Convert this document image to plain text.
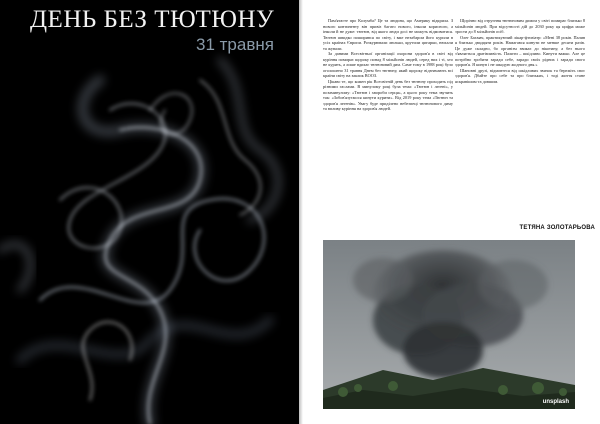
ДЕНЬ БЕЗ ТЮТЮНУ
31 травня

Пам'ятаєте про Колумба? Це та людина, що Америку відкрила. З нового континенту він привіз багато нового, інколи корисного, а інколи й не дуже: тютюн, від якого люди досі не можуть відмовитися. Тютюн швидко поширився по світу, і вже незабаром його курили в усіх країнах Європи. Розкурювали люльки, крутили цигарки, нюхали та жували.

За даними Всесвітньої організації охорони здоров'я в світі від куріння помирає щороку понад 8 мільйонів людей, серед них і ті, хто не курить, а лише вдихає тютюновий дим. Саме тому в 1988 році було оголошено 31 травня Днем без тютюну, який щороку відзначають всі країни світу на заклик ВООЗ.

Цікаво те, що кожен рік Всесвітній день без тютюну проходить під різними гаслами. В минулому році була тема: «Тютюн і легені», у позаминулому: «Тютюн і хвороби серця», а цього року тема звучить так: «Зобов'язуємося кинути курити». Від 2019 року тема «Тютюн та здоров'я легенів». Увагу буде приділено небезпеці тютюнового диму та впливу куріння на здоров'я людей.

Щорічно від отруєння тютюновим димом у світі помирає близько 8 мільйонів людей. При відсутності дій до 2030 року ця цифра може зрости до 8 мільйонів осіб.

Олег Бахмач, практикуючий лікар-фтизіатр: «Мені 38 років. Палив я близько двадцяти років. Намагався кинути не менше десяти разів. Це дуже складно, бо організм звикає до нікотину, а без нього з'являється дратівливість. Палити – шкідливо. Кинути важко. Але це потрібно зробити заради себе, заради своїх рідних і заради свого здоров'я. Я кинув і не шкодую жодного дня.»

Шановні друзі, відмовтеся від шкідливих звичок та бережіть своє здоров'я. Дбайте про себе та про близьких, і тоді життя стане яскравішим та довшим.

ТЕТЯНА ЗОЛОТАРЬОВА
unsplash
